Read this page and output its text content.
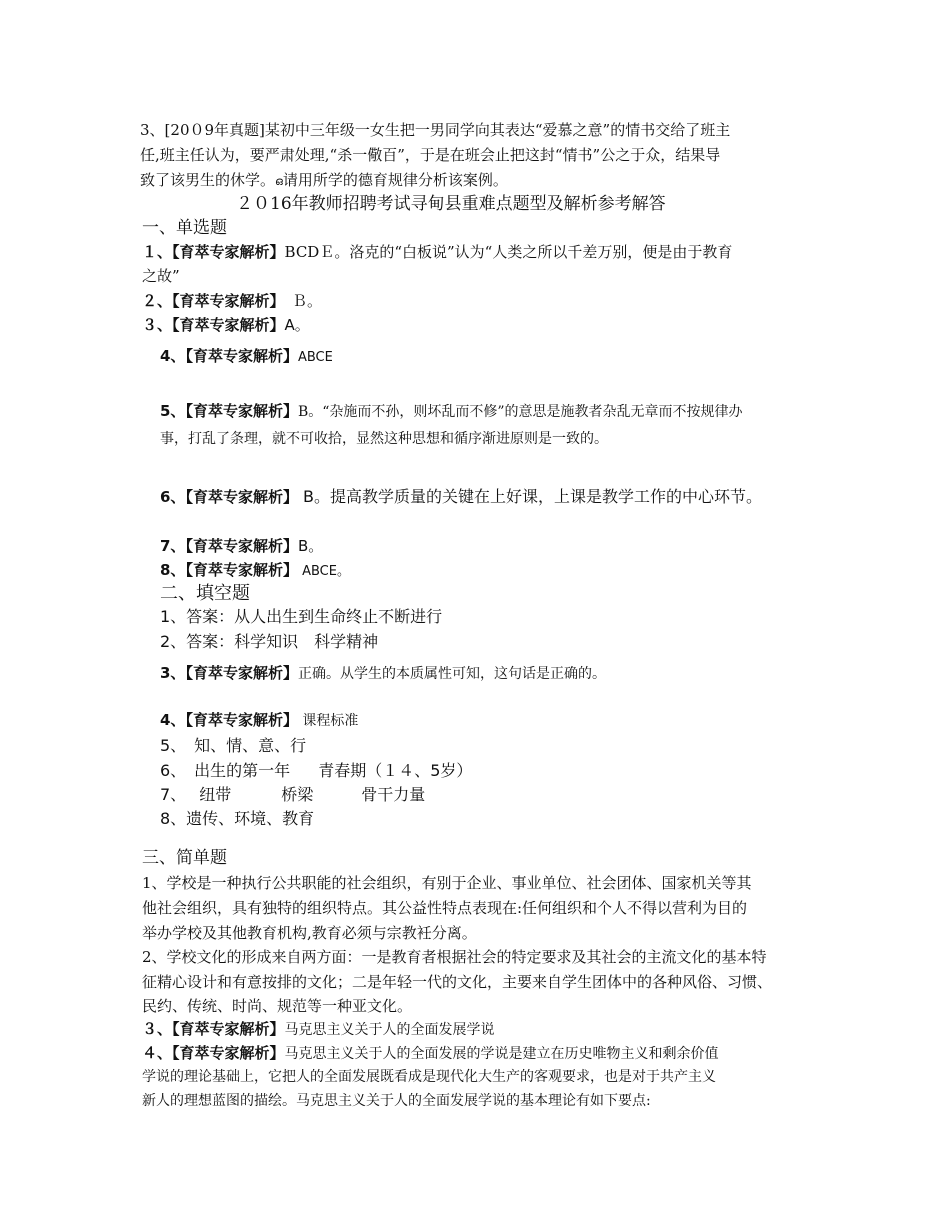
3、[20０9年真题]某初中三年级一女生把一男同学向其表达“爱慕之意”的情书交给了班主
任,班主任认为，要严肃处理,“杀一儆百”，于是在班会止把这封“情书”公之于众，结果导
致了该男生的休学。ഒ请用所学的德育规律分析该案例。
２０16年教师招聘考试寻甸县重难点题型及解析参考解答
一、单选题
１、【育萃专家解析】BCDＥ。洛克的“白板说”认为“人类之所以千差万别，便是由于教育
之故”
２、【育萃专家解析】　Ｂ。
３、【育萃专家解析】A。
4、【育萃专家解析】ABCE
5、【育萃专家解析】B。“杂施而不孙，则坏乱而不修”的意思是施教者杂乱无章而不按规律办
事，打乱了条理，就不可收拾，显然这种思想和循序渐进原则是一致的。
6、【育萃专家解析】 B。提高教学质量的关键在上好课，上课是教学工作的中心环节。
7、【育萃专家解析】B。
8、【育萃专家解析】 ABCE。
二、填空题
1、答案：从人出生到生命终止不断进行
2、答案：科学知识　科学精神
3、【育萃专家解析】正确。从学生的本质属性可知，这句话是正确的。
4、【育萃专家解析】 课程标准
5、　知、情、意、行
6、　出生的第一年 青春期（１４、5岁）
7、　 纽带	桥梁	骨干力量
8、遗传、环境、教育
三、简单题
1、学校是一种执行公共职能的社会组织，有别于企业、事业单位、社会团体、国家机关等其
他社会组织，具有独特的组织特点。其公益性特点表现在:任何组织和个人不得以营利为目的
举办学校及其他教育机构,教育必须与宗教衽分离。
2、学校文化的形成来自两方面：一是教育者根据社会的特定要求及其社会的主流文化的基本特
征精心设计和有意按排的文化；二是年轻一代的文化，主要来自学生团体中的各种风俗、习惯、
民约、传统、时尚、规范等一种亚文化。
３、【育萃专家解析】马克思主义关于人的全面发展学说
４、【育萃专家解析】马克思主义关于人的全面发展的学说是建立在历史唯物主义和剩余价值
学说的理论基础上，它把人的全面发展既看成是现代化大生产的客观要求，也是对于共产主义
新人的理想蓝图的描绘。马克思主义关于人的全面发展学说的基本理论有如下要点:
